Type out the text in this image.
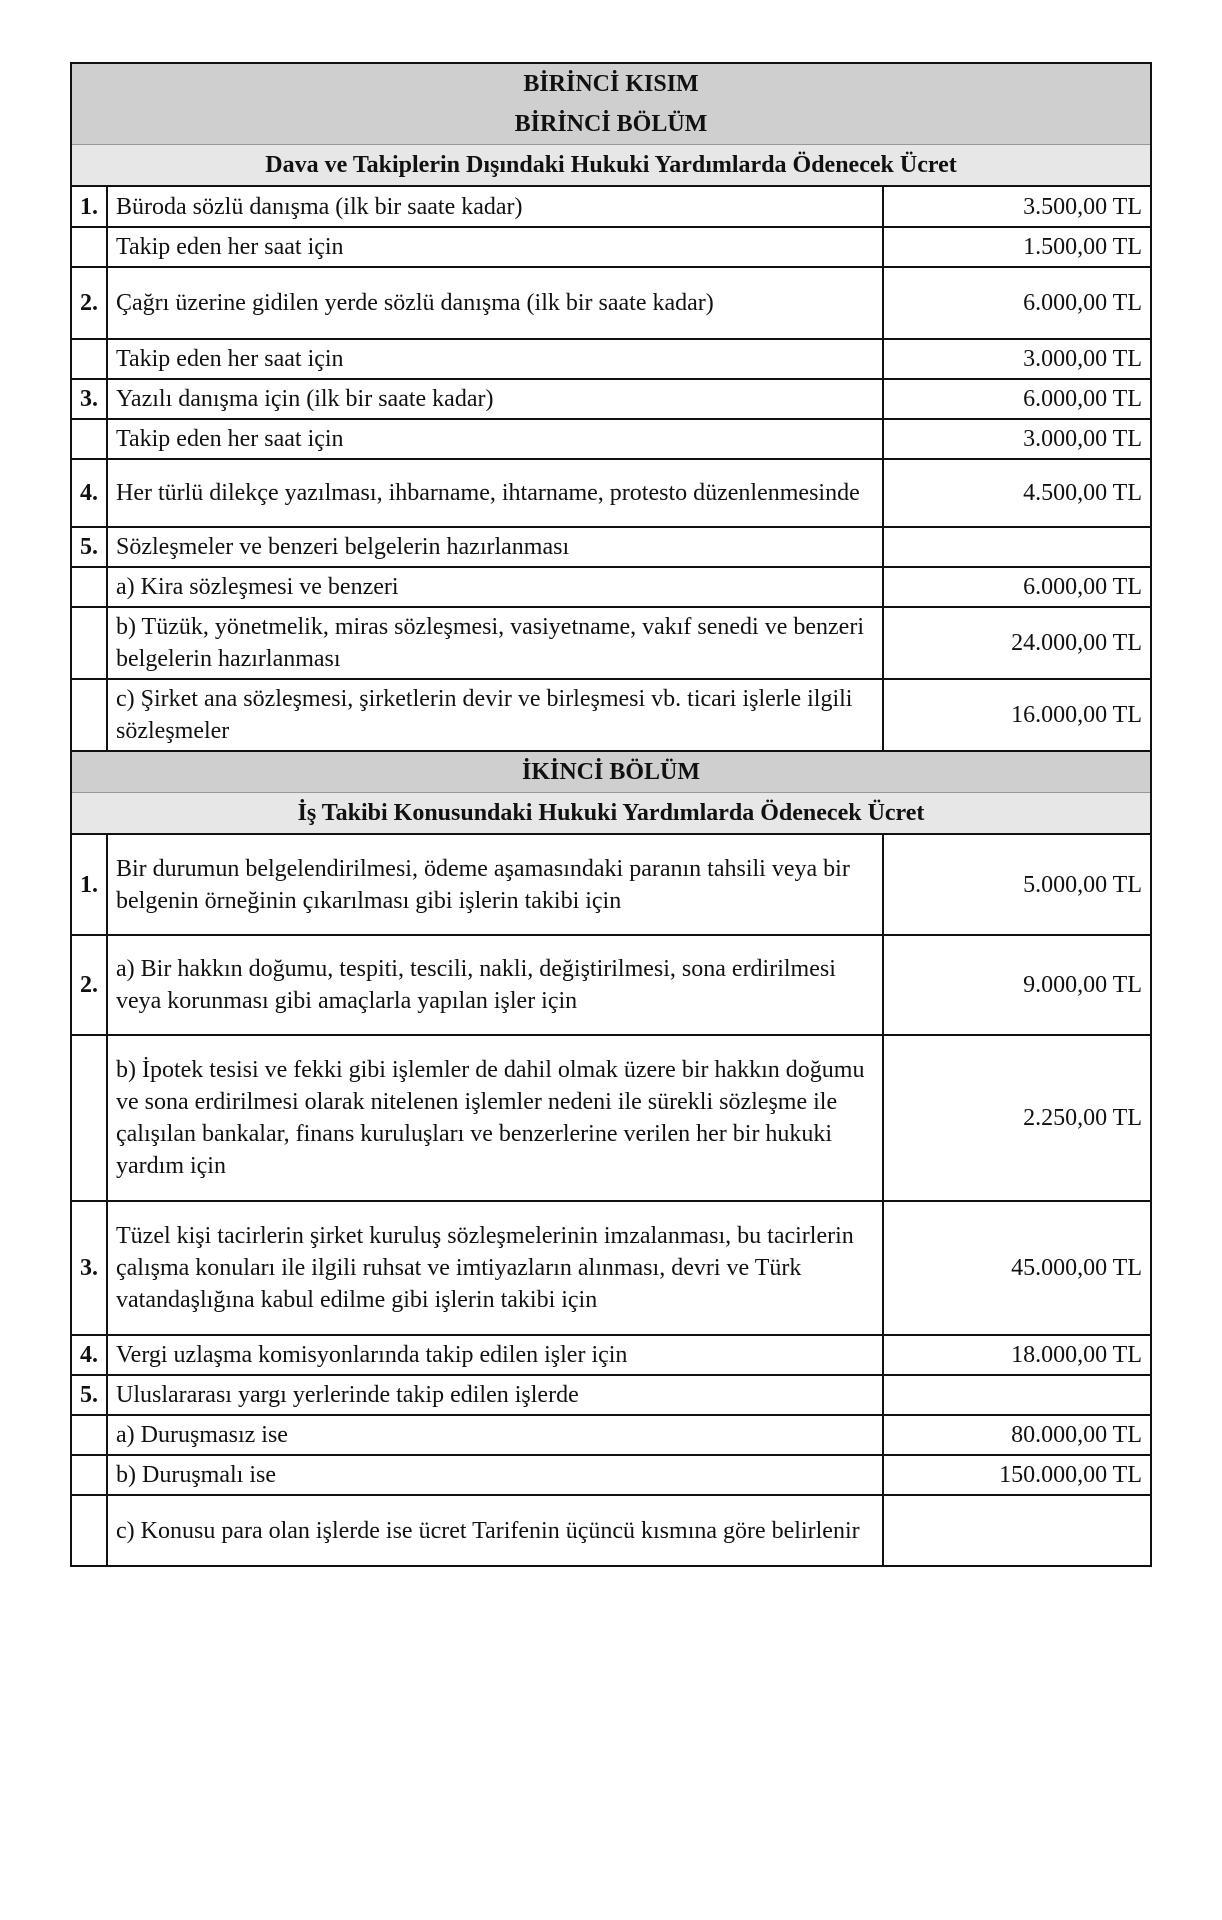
BİRİNCİ KISIM
BİRİNCİ BÖLÜM
Dava ve Takiplerin Dışındaki Hukuki Yardımlarda Ödenecek Ücret
1.	Büroda sözlü danışma (ilk bir saate kadar)	3.500,00 TL
	Takip eden her saat için	1.500,00 TL
2.	Çağrı üzerine gidilen yerde sözlü danışma (ilk bir saate kadar)	6.000,00 TL
	Takip eden her saat için	3.000,00 TL
3.	Yazılı danışma için (ilk bir saate kadar)	6.000,00 TL
	Takip eden her saat için	3.000,00 TL
4.	Her türlü dilekçe yazılması, ihbarname, ihtarname, protesto düzenlenmesinde	4.500,00 TL
5.	Sözleşmeler ve benzeri belgelerin hazırlanması	
	a) Kira sözleşmesi ve benzeri	6.000,00 TL
	b) Tüzük, yönetmelik, miras sözleşmesi, vasiyetname, vakıf senedi ve benzeri belgelerin hazırlanması	24.000,00 TL
	c) Şirket ana sözleşmesi, şirketlerin devir ve birleşmesi vb. ticari işlerle ilgili sözleşmeler	16.000,00 TL
İKİNCİ BÖLÜM
İş Takibi Konusundaki Hukuki Yardımlarda Ödenecek Ücret
1.	Bir durumun belgelendirilmesi, ödeme aşamasındaki paranın tahsili veya bir belgenin örneğinin çıkarılması gibi işlerin takibi için	5.000,00 TL
2.	a) Bir hakkın doğumu, tespiti, tescili, nakli, değiştirilmesi, sona erdirilmesi veya korunması gibi amaçlarla yapılan işler için	9.000,00 TL
	b) İpotek tesisi ve fekki gibi işlemler de dahil olmak üzere bir hakkın doğumu ve sona erdirilmesi olarak nitelenen işlemler nedeni ile sürekli sözleşme ile çalışılan bankalar, finans kuruluşları ve benzerlerine verilen her bir hukuki yardım için	2.250,00 TL
3.	Tüzel kişi tacirlerin şirket kuruluş sözleşmelerinin imzalanması, bu tacirlerin çalışma konuları ile ilgili ruhsat ve imtiyazların alınması, devri ve Türk vatandaşlığına kabul edilme gibi işlerin takibi için	45.000,00 TL
4.	Vergi uzlaşma komisyonlarında takip edilen işler için	18.000,00 TL
5.	Uluslararası yargı yerlerinde takip edilen işlerde	
	a) Duruşmasız ise	80.000,00 TL
	b) Duruşmalı ise	150.000,00 TL
	c) Konusu para olan işlerde ise ücret Tarifenin üçüncü kısmına göre belirlenir	
